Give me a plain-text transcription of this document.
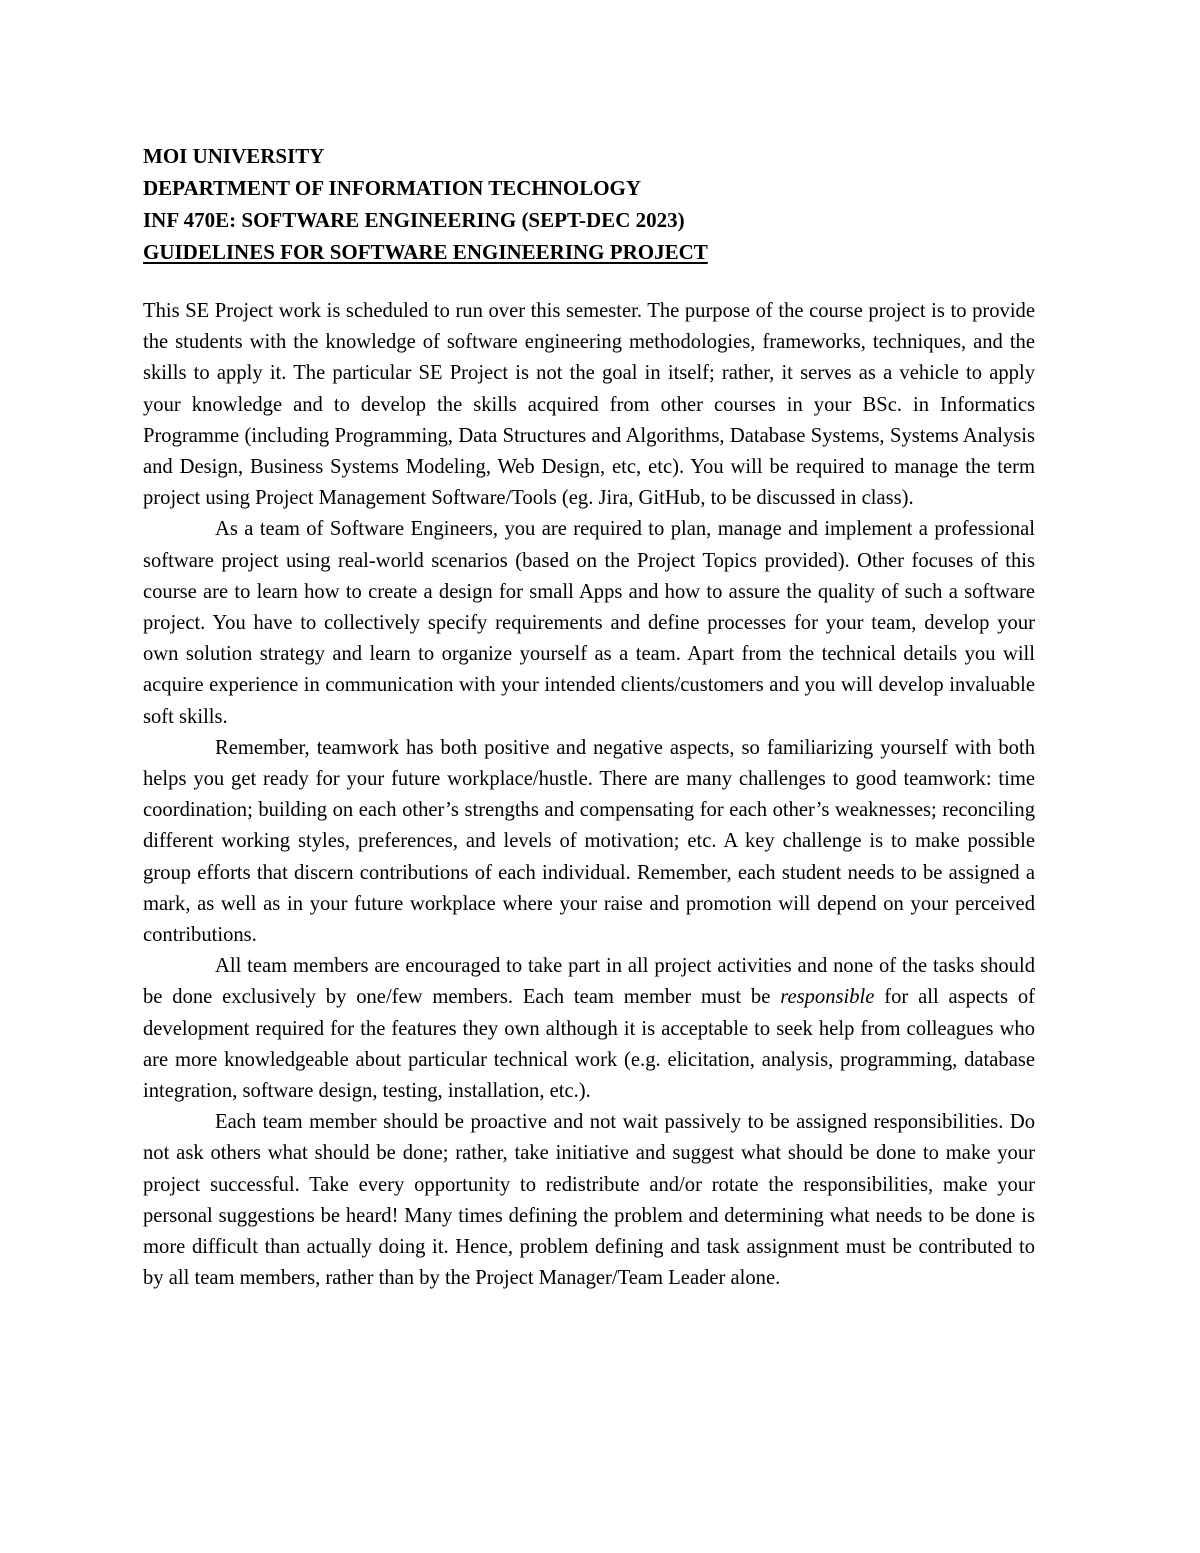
MOI UNIVERSITY
DEPARTMENT OF INFORMATION TECHNOLOGY
INF 470E: SOFTWARE ENGINEERING (SEPT-DEC 2023)
GUIDELINES FOR SOFTWARE ENGINEERING PROJECT

This SE Project work is scheduled to run over this semester. The purpose of the course project is to provide the students with the knowledge of software engineering methodologies, frameworks, techniques, and the skills to apply it. The particular SE Project is not the goal in itself; rather, it serves as a vehicle to apply your knowledge and to develop the skills acquired from other courses in your BSc. in Informatics Programme (including Programming, Data Structures and Algorithms, Database Systems, Systems Analysis and Design, Business Systems Modeling, Web Design, etc, etc). You will be required to manage the term project using Project Management Software/Tools (eg. Jira, GitHub, to be discussed in class).

As a team of Software Engineers, you are required to plan, manage and implement a professional software project using real-world scenarios (based on the Project Topics provided). Other focuses of this course are to learn how to create a design for small Apps and how to assure the quality of such a software project. You have to collectively specify requirements and define processes for your team, develop your own solution strategy and learn to organize yourself as a team. Apart from the technical details you will acquire experience in communication with your intended clients/customers and you will develop invaluable soft skills.

Remember, teamwork has both positive and negative aspects, so familiarizing yourself with both helps you get ready for your future workplace/hustle. There are many challenges to good teamwork: time coordination; building on each other’s strengths and compensating for each other’s weaknesses; reconciling different working styles, preferences, and levels of motivation; etc. A key challenge is to make possible group efforts that discern contributions of each individual. Remember, each student needs to be assigned a mark, as well as in your future workplace where your raise and promotion will depend on your perceived contributions.

All team members are encouraged to take part in all project activities and none of the tasks should be done exclusively by one/few members. Each team member must be responsible for all aspects of development required for the features they own although it is acceptable to seek help from colleagues who are more knowledgeable about particular technical work (e.g. elicitation, analysis, programming, database integration, software design, testing, installation, etc.).

Each team member should be proactive and not wait passively to be assigned responsibilities. Do not ask others what should be done; rather, take initiative and suggest what should be done to make your project successful. Take every opportunity to redistribute and/or rotate the responsibilities, make your personal suggestions be heard! Many times defining the problem and determining what needs to be done is more difficult than actually doing it. Hence, problem defining and task assignment must be contributed to by all team members, rather than by the Project Manager/Team Leader alone.
